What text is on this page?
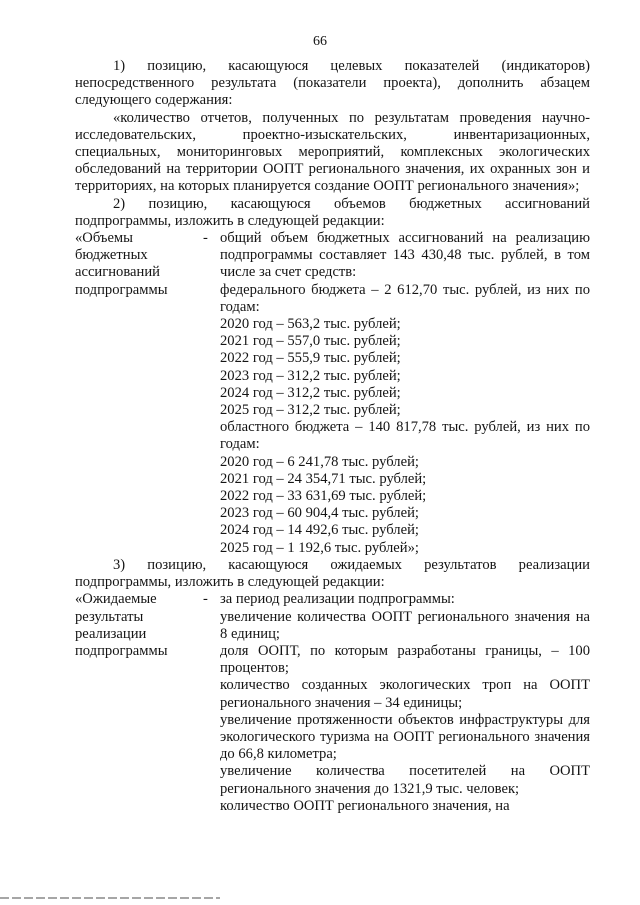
66

1) позицию, касающуюся целевых показателей (индикаторов) непосредственного результата (показатели проекта), дополнить абзацем следующего содержания:

«количество отчетов, полученных по результатам проведения научно-исследовательских, проектно-изыскательских, инвентаризационных, специальных, мониторинговых мероприятий, комплексных экологических обследований на территории ООПТ регионального значения, их охранных зон и территориях, на которых планируется создание ООПТ регионального значения»;

2) позицию, касающуюся объемов бюджетных ассигнований подпрограммы, изложить в следующей редакции:

«Объемы
бюджетных
ассигнований
подпрограммы
- общий объем бюджетных ассигнований на реализацию подпрограммы составляет 143 430,48 тыс. рублей, в том числе за счет средств:
федерального бюджета – 2 612,70 тыс. рублей, из них по годам:
2020 год – 563,2 тыс. рублей;
2021 год – 557,0 тыс. рублей;
2022 год – 555,9 тыс. рублей;
2023 год – 312,2 тыс. рублей;
2024 год – 312,2 тыс. рублей;
2025 год – 312,2 тыс. рублей;
областного бюджета – 140 817,78 тыс. рублей, из них по годам:
2020 год – 6 241,78 тыс. рублей;
2021 год – 24 354,71 тыс. рублей;
2022 год – 33 631,69 тыс. рублей;
2023 год – 60 904,4 тыс. рублей;
2024 год – 14 492,6 тыс. рублей;
2025 год – 1 192,6 тыс. рублей»;

3) позицию, касающуюся ожидаемых результатов реализации подпрограммы, изложить в следующей редакции:

«Ожидаемые
результаты
реализации
подпрограммы
- за период реализации подпрограммы:
увеличение количества ООПТ регионального значения на 8 единиц;
доля ООПТ, по которым разработаны границы, – 100 процентов;
количество созданных экологических троп на ООПТ регионального значения – 34 единицы;
увеличение протяженности объектов инфраструктуры для экологического туризма на ООПТ регионального значения до 66,8 километра;
увеличение количества посетителей на ООПТ регионального значения до 1321,9 тыс. человек;
количество ООПТ регионального значения, на
